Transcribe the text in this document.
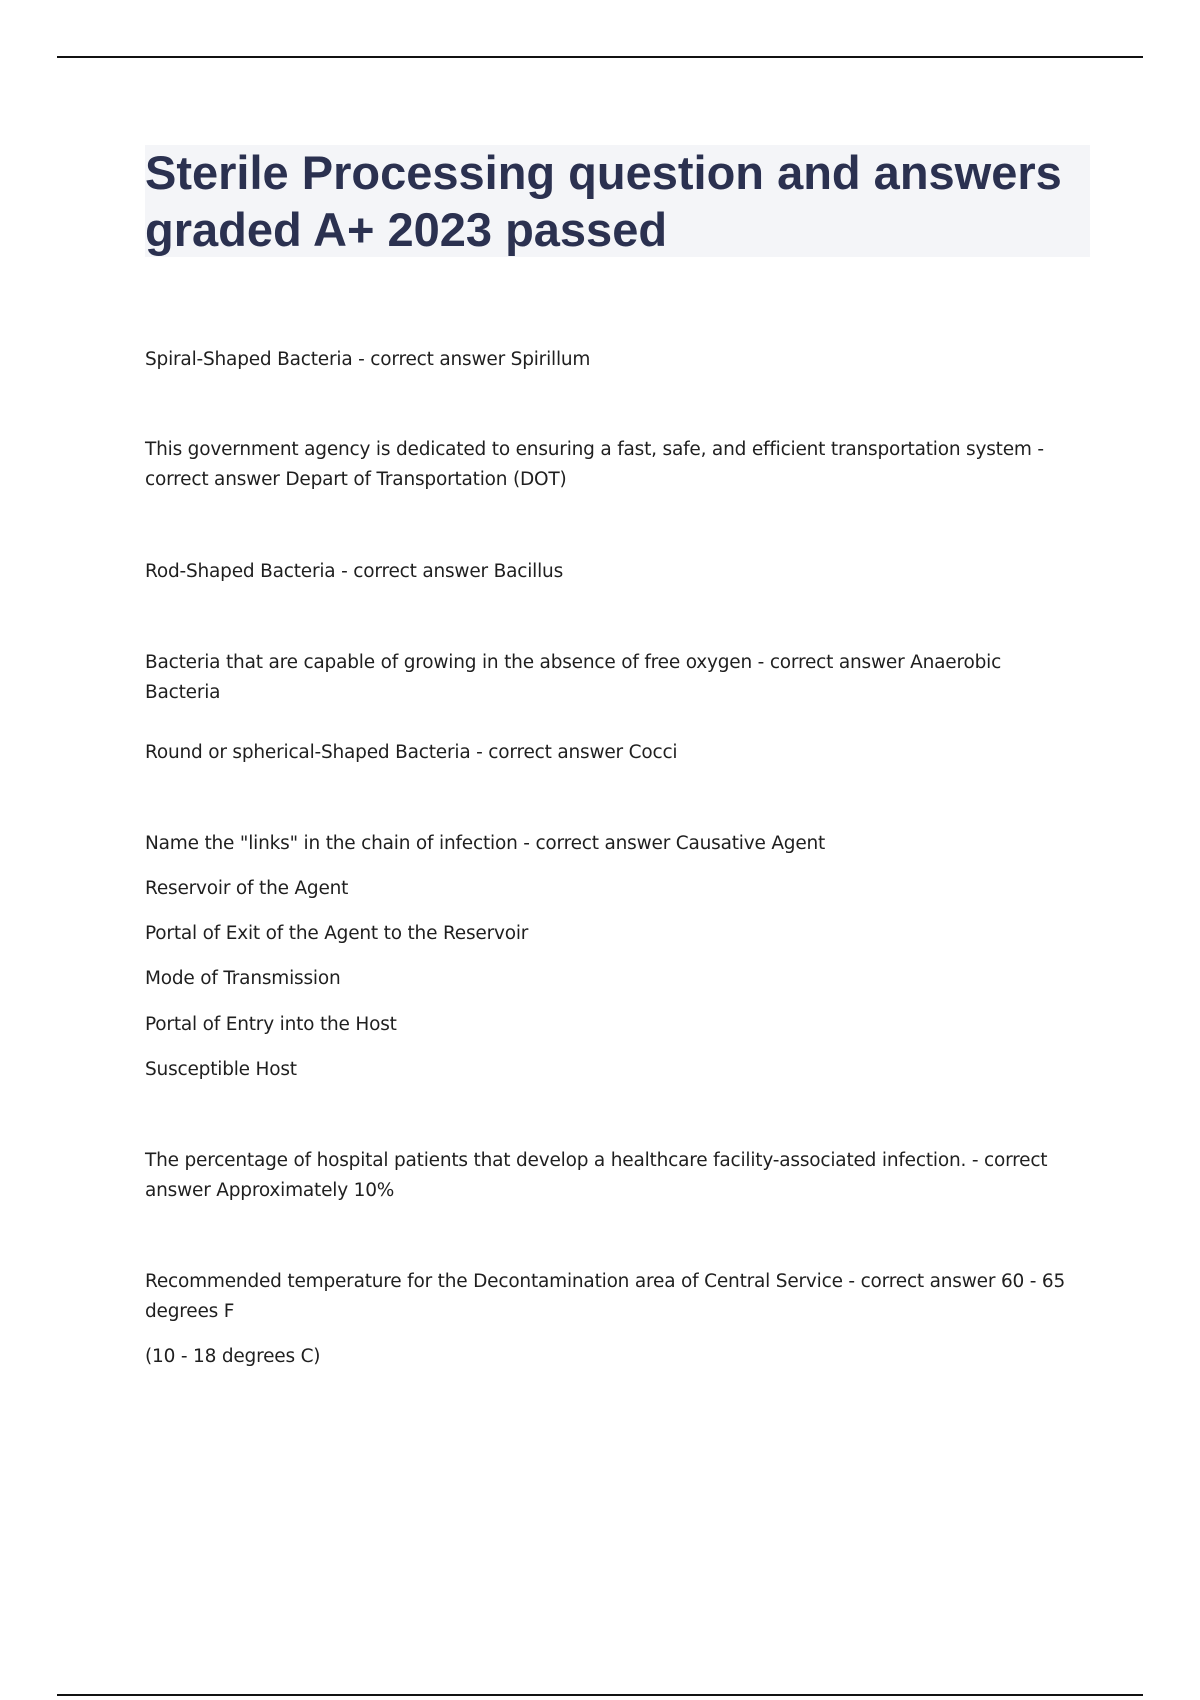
Sterile Processing question and answers graded A+ 2023 passed

Spiral-Shaped Bacteria - correct answer Spirillum

This government agency is dedicated to ensuring a fast, safe, and efficient transportation system - correct answer Depart of Transportation (DOT)

Rod-Shaped Bacteria - correct answer Bacillus

Bacteria that are capable of growing in the absence of free oxygen - correct answer Anaerobic Bacteria

Round or spherical-Shaped Bacteria - correct answer Cocci

Name the "links" in the chain of infection - correct answer Causative Agent

Reservoir of the Agent

Portal of Exit of the Agent to the Reservoir

Mode of Transmission

Portal of Entry into the Host

Susceptible Host

The percentage of hospital patients that develop a healthcare facility-associated infection. - correct answer Approximately 10%

Recommended temperature for the Decontamination area of Central Service - correct answer 60 - 65 degrees F

(10 - 18 degrees C)
